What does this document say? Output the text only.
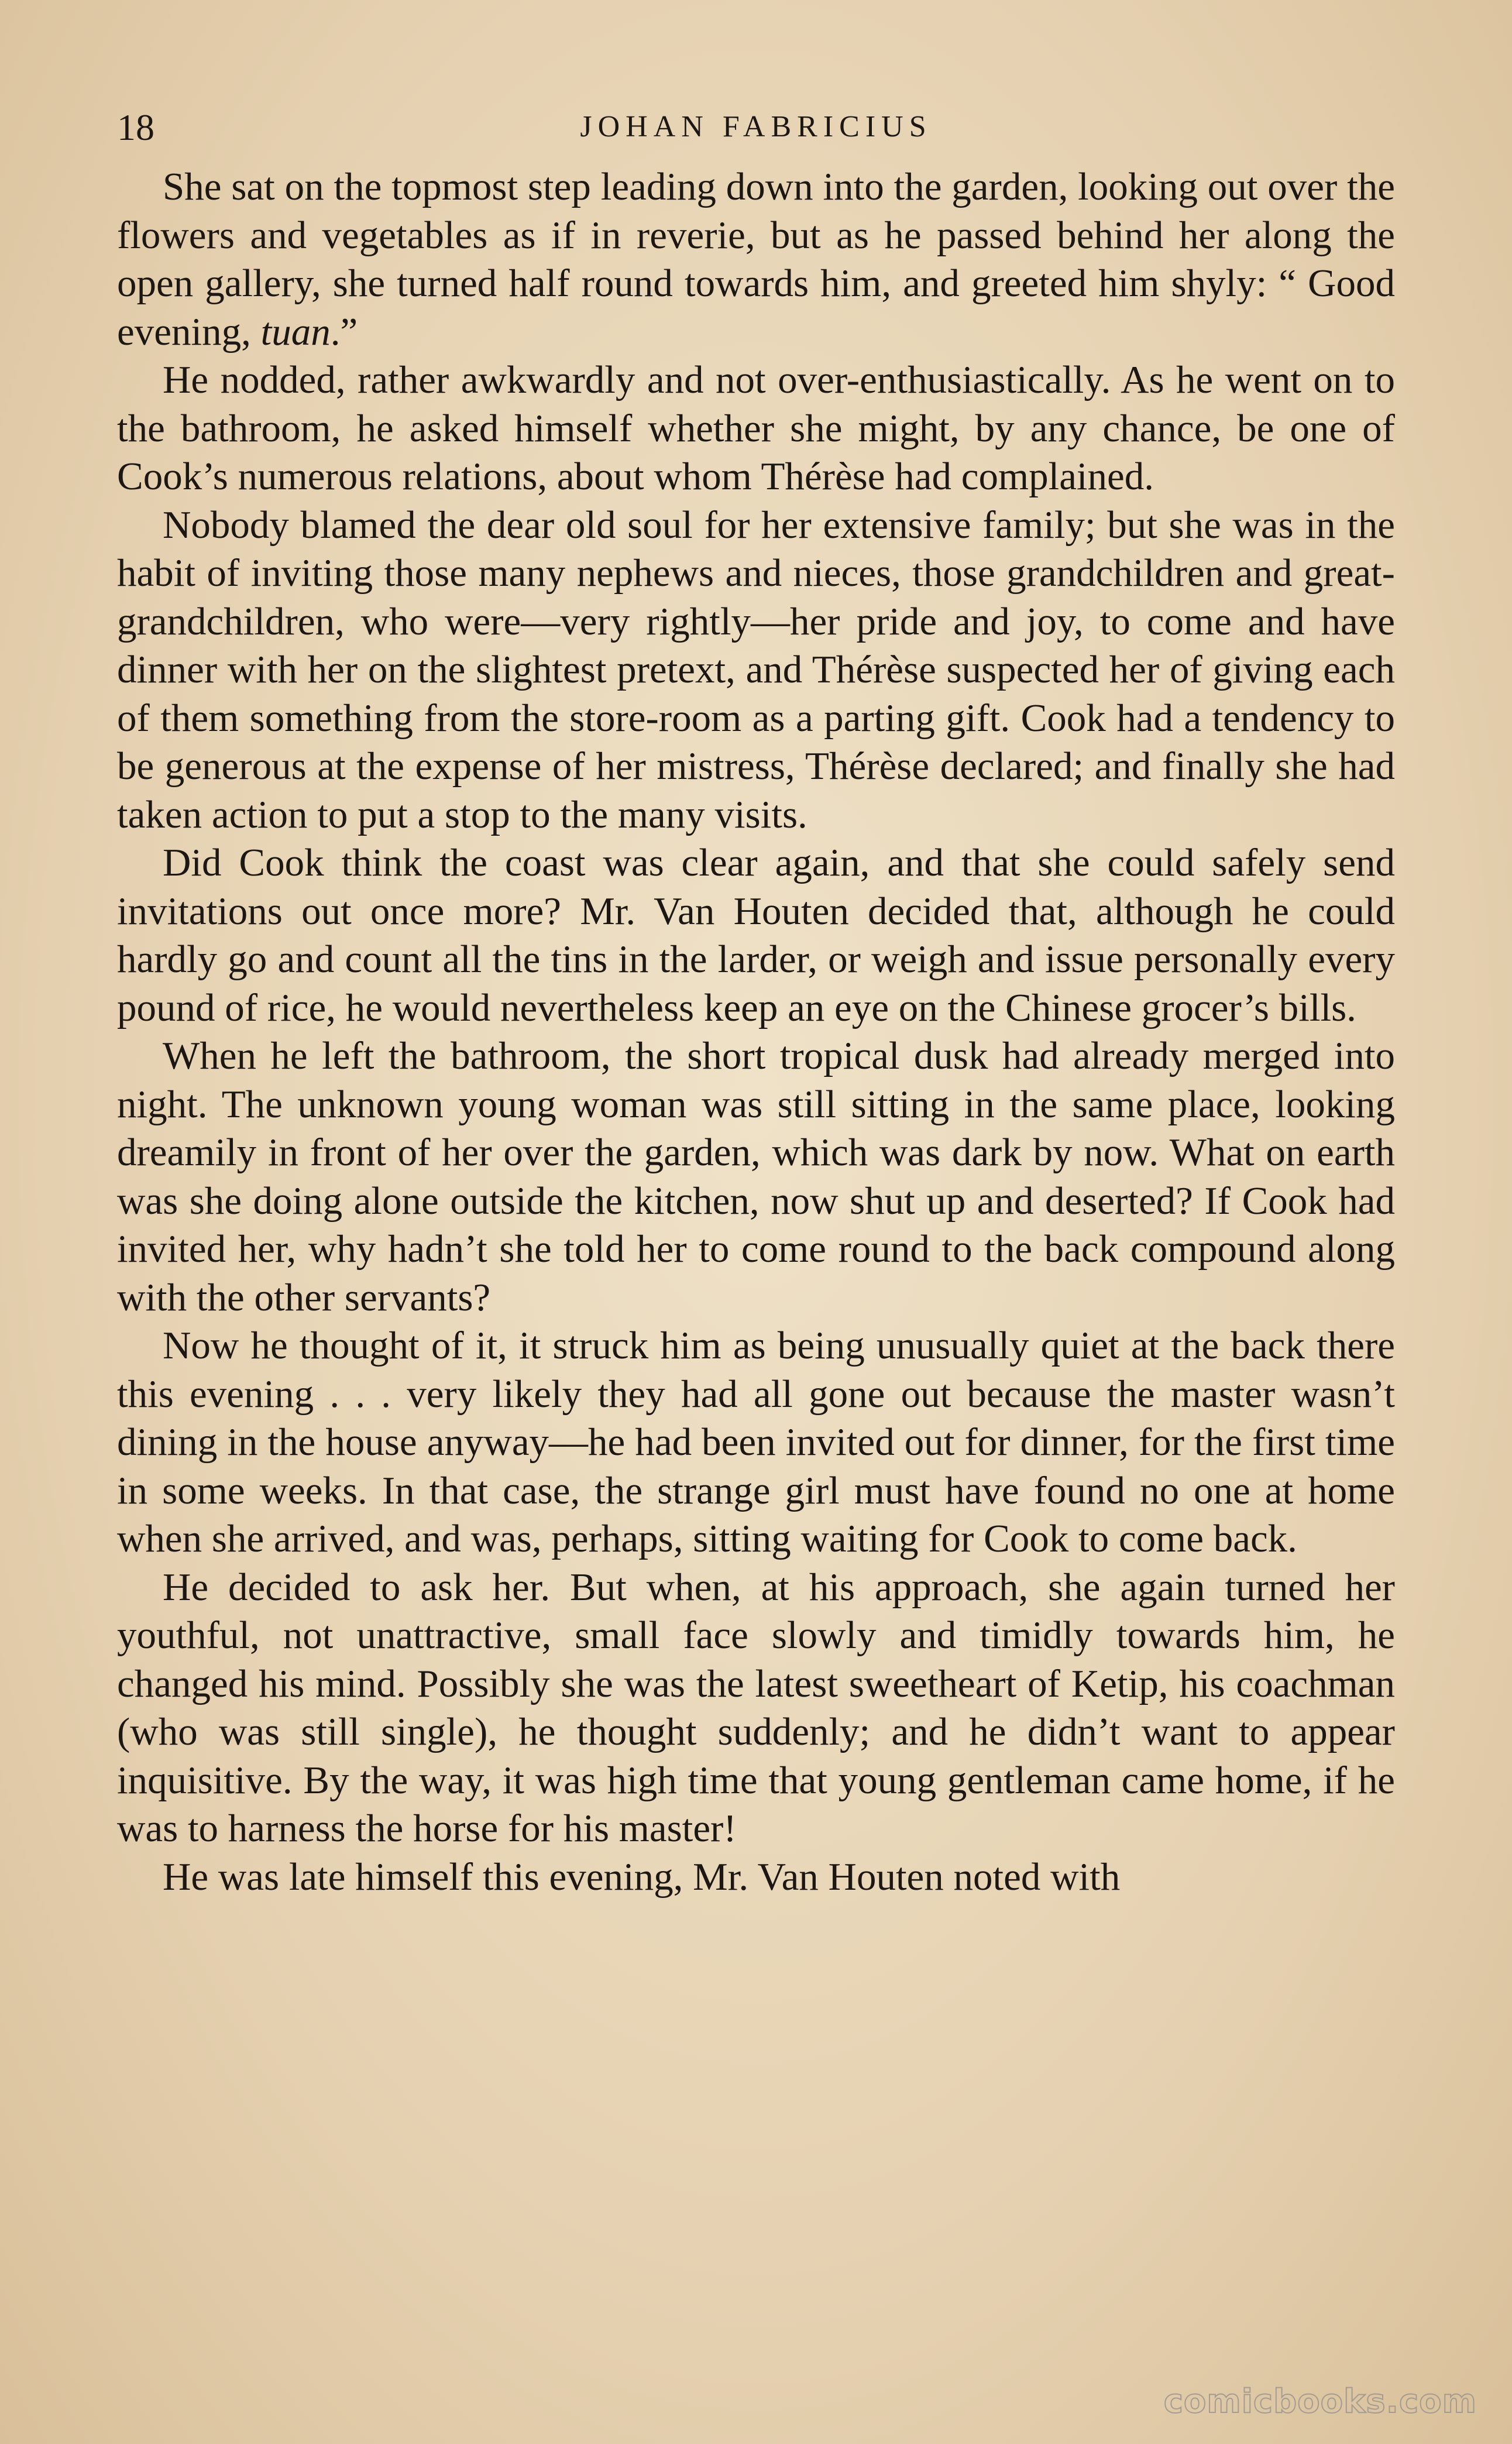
18	JOHAN FABRICIUS

She sat on the topmost step leading down into the garden, looking out over the flowers and vegetables as if in reverie, but as he passed behind her along the open gallery, she turned half round towards him, and greeted him shyly: “ Good evening, tuan.”

He nodded, rather awkwardly and not over-enthusiastically. As he went on to the bathroom, he asked himself whether she might, by any chance, be one of Cook’s numerous relations, about whom Thérèse had complained.

Nobody blamed the dear old soul for her extensive family; but she was in the habit of inviting those many nephews and nieces, those grandchildren and great-grandchildren, who were—very rightly—her pride and joy, to come and have dinner with her on the slightest pretext, and Thérèse suspected her of giving each of them something from the store-room as a parting gift. Cook had a tendency to be generous at the expense of her mistress, Thérèse declared; and finally she had taken action to put a stop to the many visits.

Did Cook think the coast was clear again, and that she could safely send invitations out once more? Mr. Van Houten decided that, although he could hardly go and count all the tins in the larder, or weigh and issue personally every pound of rice, he would nevertheless keep an eye on the Chinese grocer’s bills.

When he left the bathroom, the short tropical dusk had already merged into night. The unknown young woman was still sitting in the same place, looking dreamily in front of her over the garden, which was dark by now. What on earth was she doing alone outside the kitchen, now shut up and deserted? If Cook had invited her, why hadn’t she told her to come round to the back compound along with the other servants?

Now he thought of it, it struck him as being unusually quiet at the back there this evening . . . very likely they had all gone out because the master wasn’t dining in the house anyway—he had been invited out for dinner, for the first time in some weeks. In that case, the strange girl must have found no one at home when she arrived, and was, perhaps, sitting waiting for Cook to come back.

He decided to ask her. But when, at his approach, she again turned her youthful, not unattractive, small face slowly and timidly towards him, he changed his mind. Possibly she was the latest sweetheart of Ketip, his coachman (who was still single), he thought suddenly; and he didn’t want to appear inquisitive. By the way, it was high time that young gentleman came home, if he was to harness the horse for his master!

He was late himself this evening, Mr. Van Houten noted with

comicbooks.com
